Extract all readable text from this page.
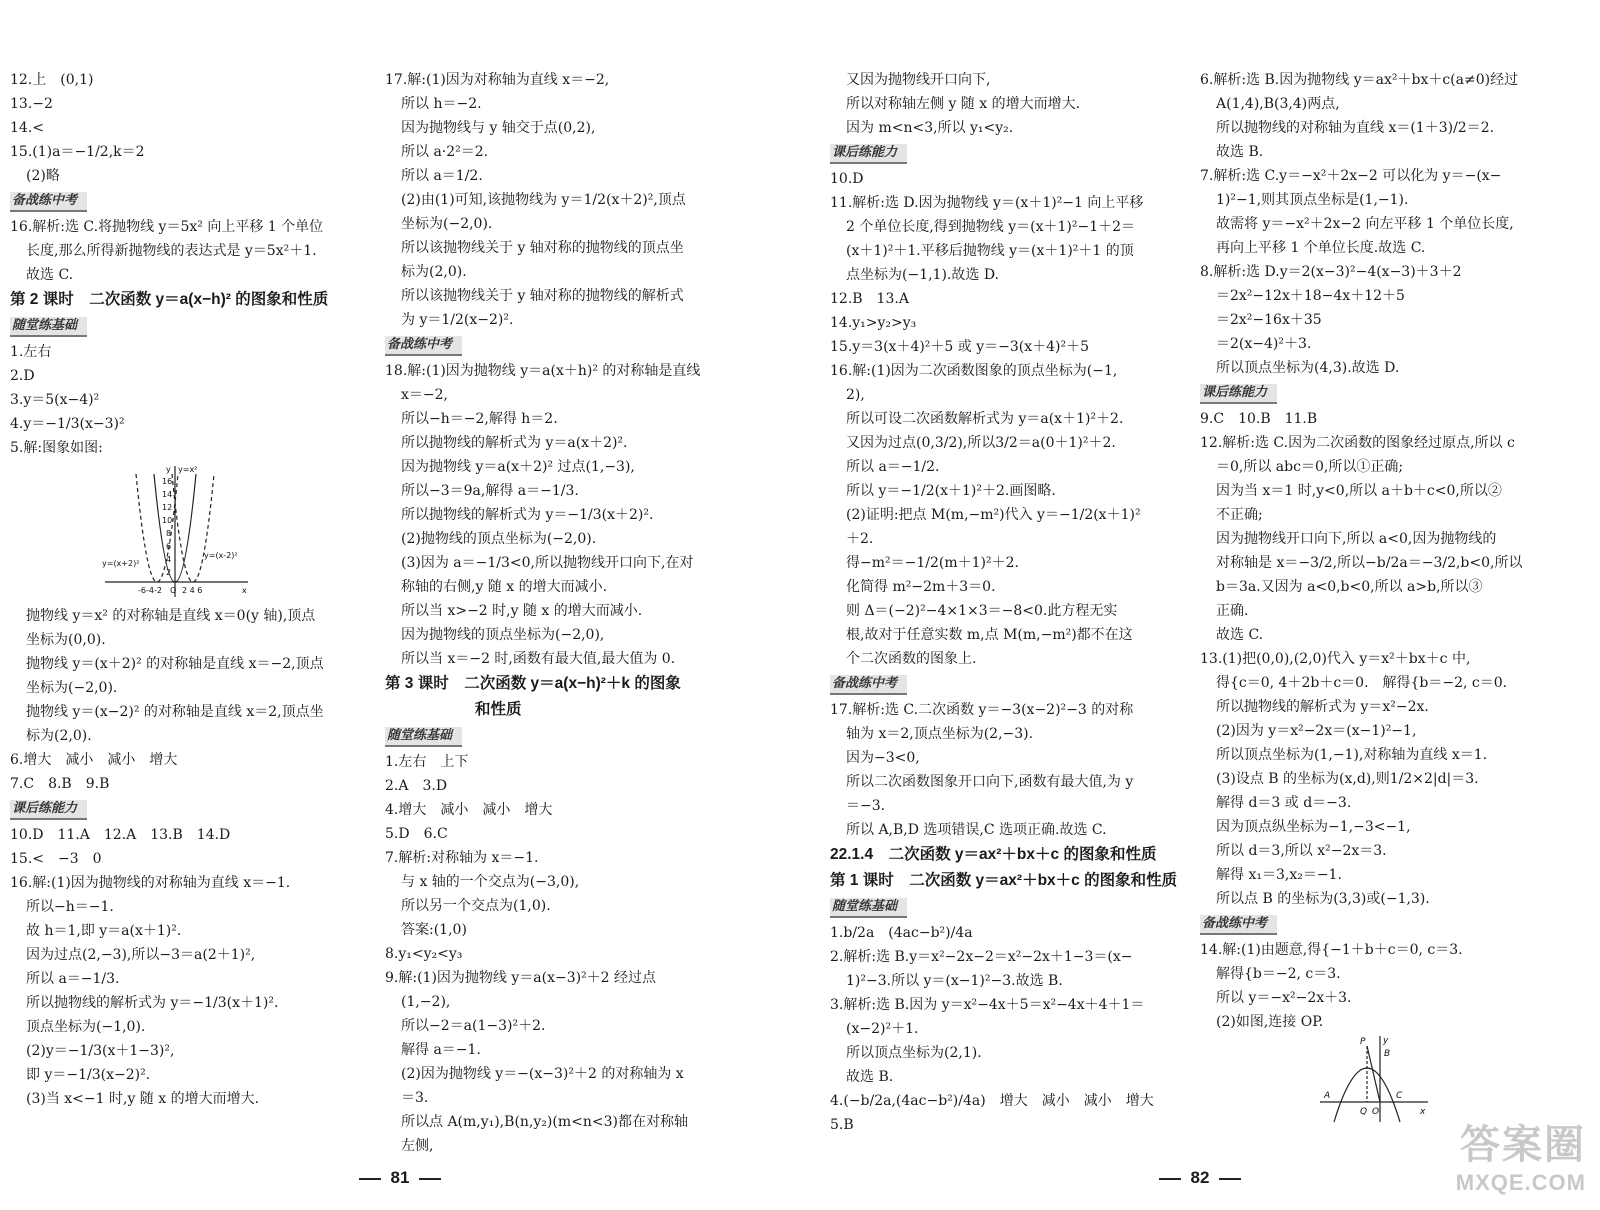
12.上　(0,1)
13.−2
14.<
15.(1)a＝−1/2,k＝2
(2)略
备战练中考
16.解析:选 C.将抛物线 y＝5x² 向上平移 1 个单位
长度,那么所得新抛物线的表达式是 y＝5x²＋1.
故选 C.
第 2 课时　二次函数 y＝a(x−h)² 的图象和性质
随堂练基础
1.左右
2.D
3.y＝5(x−4)²
4.y＝−1/3(x−3)²
5.解:图象如图:
y=x²
y=(x+2)²
y=(x-2)²
-6-4-2 O 2 4 6	x
y
16
14
12
10
8
6
4
2
抛物线 y＝x² 的对称轴是直线 x＝0(y 轴),顶点
坐标为(0,0).
抛物线 y＝(x＋2)² 的对称轴是直线 x＝−2,顶点
坐标为(−2,0).
抛物线 y＝(x−2)² 的对称轴是直线 x＝2,顶点坐
标为(2,0).
6.增大　减小　减小　增大
7.C　8.B　9.B
课后练能力
10.D　11.A　12.A　13.B　14.D
15.<　−3　0
16.解:(1)因为抛物线的对称轴为直线 x＝−1.
所以−h＝−1.
故 h＝1,即 y＝a(x＋1)².
因为过点(2,−3),所以−3＝a(2＋1)²,
所以 a＝−1/3.
所以抛物线的解析式为 y＝−1/3(x＋1)².
顶点坐标为(−1,0).
(2)y＝−1/3(x＋1−3)²,
即 y＝−1/3(x−2)².
(3)当 x<−1 时,y 随 x 的增大而增大.
17.解:(1)因为对称轴为直线 x＝−2,
所以 h＝−2.
因为抛物线与 y 轴交于点(0,2),
所以 a·2²＝2.
所以 a＝1/2.
(2)由(1)可知,该抛物线为 y＝1/2(x＋2)²,顶点
坐标为(−2,0).
所以该抛物线关于 y 轴对称的抛物线的顶点坐
标为(2,0).
所以该抛物线关于 y 轴对称的抛物线的解析式
为 y＝1/2(x−2)².
备战练中考
18.解:(1)因为抛物线 y＝a(x＋h)² 的对称轴是直线
x＝−2,
所以−h＝−2,解得 h＝2.
所以抛物线的解析式为 y＝a(x＋2)².
因为抛物线 y＝a(x＋2)² 过点(1,−3),
所以−3＝9a,解得 a＝−1/3.
所以抛物线的解析式为 y＝−1/3(x＋2)².
(2)抛物线的顶点坐标为(−2,0).
(3)因为 a＝−1/3<0,所以抛物线开口向下,在对
称轴的右侧,y 随 x 的增大而减小.
所以当 x>−2 时,y 随 x 的增大而减小.
因为抛物线的顶点坐标为(−2,0),
所以当 x＝−2 时,函数有最大值,最大值为 0.
第 3 课时　二次函数 y＝a(x−h)²＋k 的图象
和性质
随堂练基础
1.左右　上下
2.A　3.D
4.增大　减小　减小　增大
5.D　6.C
7.解析:对称轴为 x＝−1.
与 x 轴的一个交点为(−3,0),
所以另一个交点为(1,0).
答案:(1,0)
8.y₁<y₂<y₃
9.解:(1)因为抛物线 y＝a(x−3)²＋2 经过点
(1,−2),
所以−2＝a(1−3)²＋2.
解得 a＝−1.
(2)因为抛物线 y＝−(x−3)²＋2 的对称轴为 x
＝3.
所以点 A(m,y₁),B(n,y₂)(m<n<3)都在对称轴
左侧,
81
又因为抛物线开口向下,
所以对称轴左侧 y 随 x 的增大而增大.
因为 m<n<3,所以 y₁<y₂.
课后练能力
10.D
11.解析:选 D.因为抛物线 y＝(x＋1)²−1 向上平移
2 个单位长度,得到抛物线 y＝(x＋1)²−1＋2＝
(x＋1)²＋1.平移后抛物线 y＝(x＋1)²＋1 的顶
点坐标为(−1,1).故选 D.
12.B　13.A
14.y₁>y₂>y₃
15.y＝3(x＋4)²＋5 或 y＝−3(x＋4)²＋5
16.解:(1)因为二次函数图象的顶点坐标为(−1,
2),
所以可设二次函数解析式为 y＝a(x＋1)²＋2.
又因为过点(0,3/2),所以3/2＝a(0＋1)²＋2.
所以 a＝−1/2.
所以 y＝−1/2(x＋1)²＋2.画图略.
(2)证明:把点 M(m,−m²)代入 y＝−1/2(x＋1)²
＋2.
得−m²＝−1/2(m＋1)²＋2.
化简得 m²−2m＋3＝0.
则 Δ＝(−2)²−4×1×3＝−8<0.此方程无实
根,故对于任意实数 m,点 M(m,−m²)都不在这
个二次函数的图象上.
备战练中考
17.解析:选 C.二次函数 y＝−3(x−2)²−3 的对称
轴为 x＝2,顶点坐标为(2,−3).
因为−3<0,
所以二次函数图象开口向下,函数有最大值,为 y
＝−3.
所以 A,B,D 选项错误,C 选项正确.故选 C.
22.1.4　二次函数 y＝ax²＋bx＋c 的图象和性质
第 1 课时　二次函数 y＝ax²＋bx＋c 的图象和性质
随堂练基础
1.b/2a　(4ac−b²)/4a
2.解析:选 B.y＝x²−2x−2＝x²−2x＋1−3＝(x−
1)²−3.所以 y＝(x−1)²−3.故选 B.
3.解析:选 B.因为 y＝x²−4x＋5＝x²−4x＋4＋1＝
(x−2)²＋1.
所以顶点坐标为(2,1).
故选 B.
4.(−b/2a,(4ac−b²)/4a)　增大　减小　减小　增大
5.B
6.解析:选 B.因为抛物线 y＝ax²＋bx＋c(a≠0)经过
A(1,4),B(3,4)两点,
所以抛物线的对称轴为直线 x＝(1＋3)/2＝2.
故选 B.
7.解析:选 C.y＝−x²＋2x−2 可以化为 y＝−(x−
1)²−1,则其顶点坐标是(1,−1).
故需将 y＝−x²＋2x−2 向左平移 1 个单位长度,
再向上平移 1 个单位长度.故选 C.
8.解析:选 D.y＝2(x−3)²−4(x−3)＋3＋2
＝2x²−12x＋18−4x＋12＋5
＝2x²−16x＋35
＝2(x−4)²＋3.
所以顶点坐标为(4,3).故选 D.
课后练能力
9.C　10.B　11.B
12.解析:选 C.因为二次函数的图象经过原点,所以 c
＝0,所以 abc＝0,所以①正确;
因为当 x＝1 时,y<0,所以 a＋b＋c<0,所以②
不正确;
因为抛物线开口向下,所以 a<0,因为抛物线的
对称轴是 x＝−3/2,所以−b/2a＝−3/2,b<0,所以
b＝3a.又因为 a<0,b<0,所以 a>b,所以③
正确.
故选 C.
13.(1)把(0,0),(2,0)代入 y＝x²＋bx＋c 中,
得{c＝0, 4＋2b＋c＝0.　解得{b＝−2, c＝0.
所以抛物线的解析式为 y＝x²−2x.
(2)因为 y＝x²−2x＝(x−1)²−1,
所以顶点坐标为(1,−1),对称轴为直线 x＝1.
(3)设点 B 的坐标为(x,d),则1/2×2|d|＝3.
解得 d＝3 或 d＝−3.
因为顶点纵坐标为−1,−3<−1,
所以 d＝3,所以 x²−2x＝3.
解得 x₁＝3,x₂＝−1.
所以点 B 的坐标为(3,3)或(−1,3).
备战练中考
14.解:(1)由题意,得{−1＋b＋c＝0, c＝3.
解得{b＝−2, c＝3.
所以 y＝−x²−2x＋3.
(2)如图,连接 OP.
P y
B
A
Q O
C
x
82
答案圈
MXQE.COM
